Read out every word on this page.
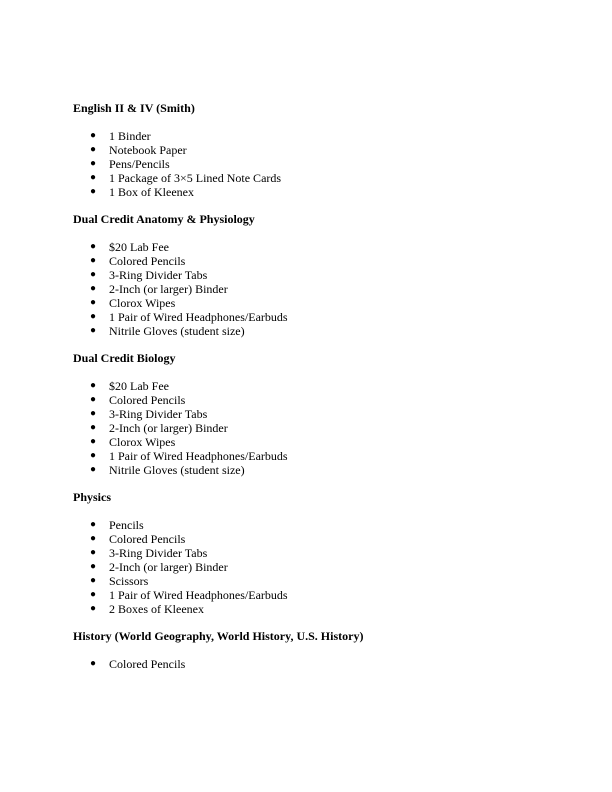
English II & IV (Smith)
● 1 Binder
● Notebook Paper
● Pens/Pencils
● 1 Package of 3×5 Lined Note Cards
● 1 Box of Kleenex
Dual Credit Anatomy & Physiology
● $20 Lab Fee
● Colored Pencils
● 3-Ring Divider Tabs
● 2-Inch (or larger) Binder
● Clorox Wipes
● 1 Pair of Wired Headphones/Earbuds
● Nitrile Gloves (student size)
Dual Credit Biology
● $20 Lab Fee
● Colored Pencils
● 3-Ring Divider Tabs
● 2-Inch (or larger) Binder
● Clorox Wipes
● 1 Pair of Wired Headphones/Earbuds
● Nitrile Gloves (student size)
Physics
● Pencils
● Colored Pencils
● 3-Ring Divider Tabs
● 2-Inch (or larger) Binder
● Scissors
● 1 Pair of Wired Headphones/Earbuds
● 2 Boxes of Kleenex
History (World Geography, World History, U.S. History)
● Colored Pencils
